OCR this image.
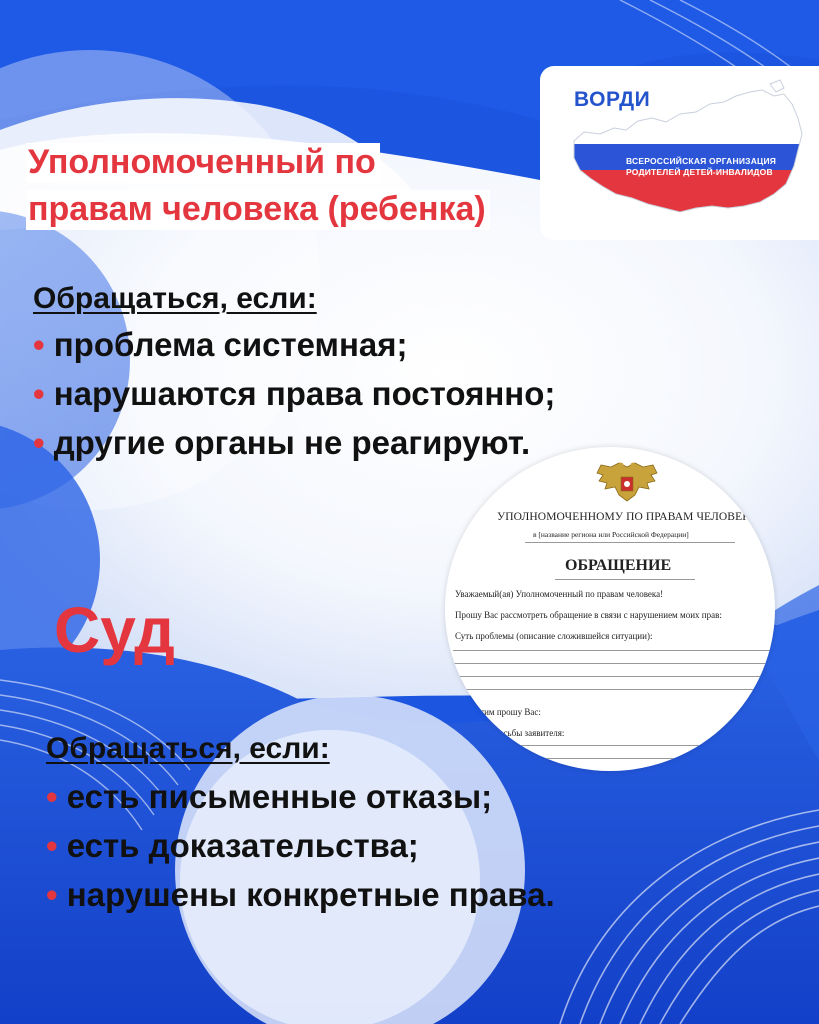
Уполномоченный по
правам человека (ребенка)
ВОРДИ
ВСЕРОССИЙСКАЯ ОРГАНИЗАЦИЯ
РОДИТЕЛЕЙ ДЕТЕЙ-ИНВАЛИДОВ
Обращаться, если:
• проблема системная;
• нарушаются права постоянно;
• другие органы не реагируют.
УПОЛНОМОЧЕННОМУ ПО ПРАВАМ ЧЕЛОВЕКА
в [название региона или Российской Федерации]
ОБРАЩЕНИЕ
Уважаемый(ая) Уполномоченный по правам человека!
Прошу Вас рассмотреть обращение в связи с нарушением моих прав:
Суть проблемы (описание сложившейся ситуации):
и с этим прошу Вас:
/просьбы заявителя:
Суд
Обращаться, если:
• есть письменные отказы;
• есть доказательства;
• нарушены конкретные права.
